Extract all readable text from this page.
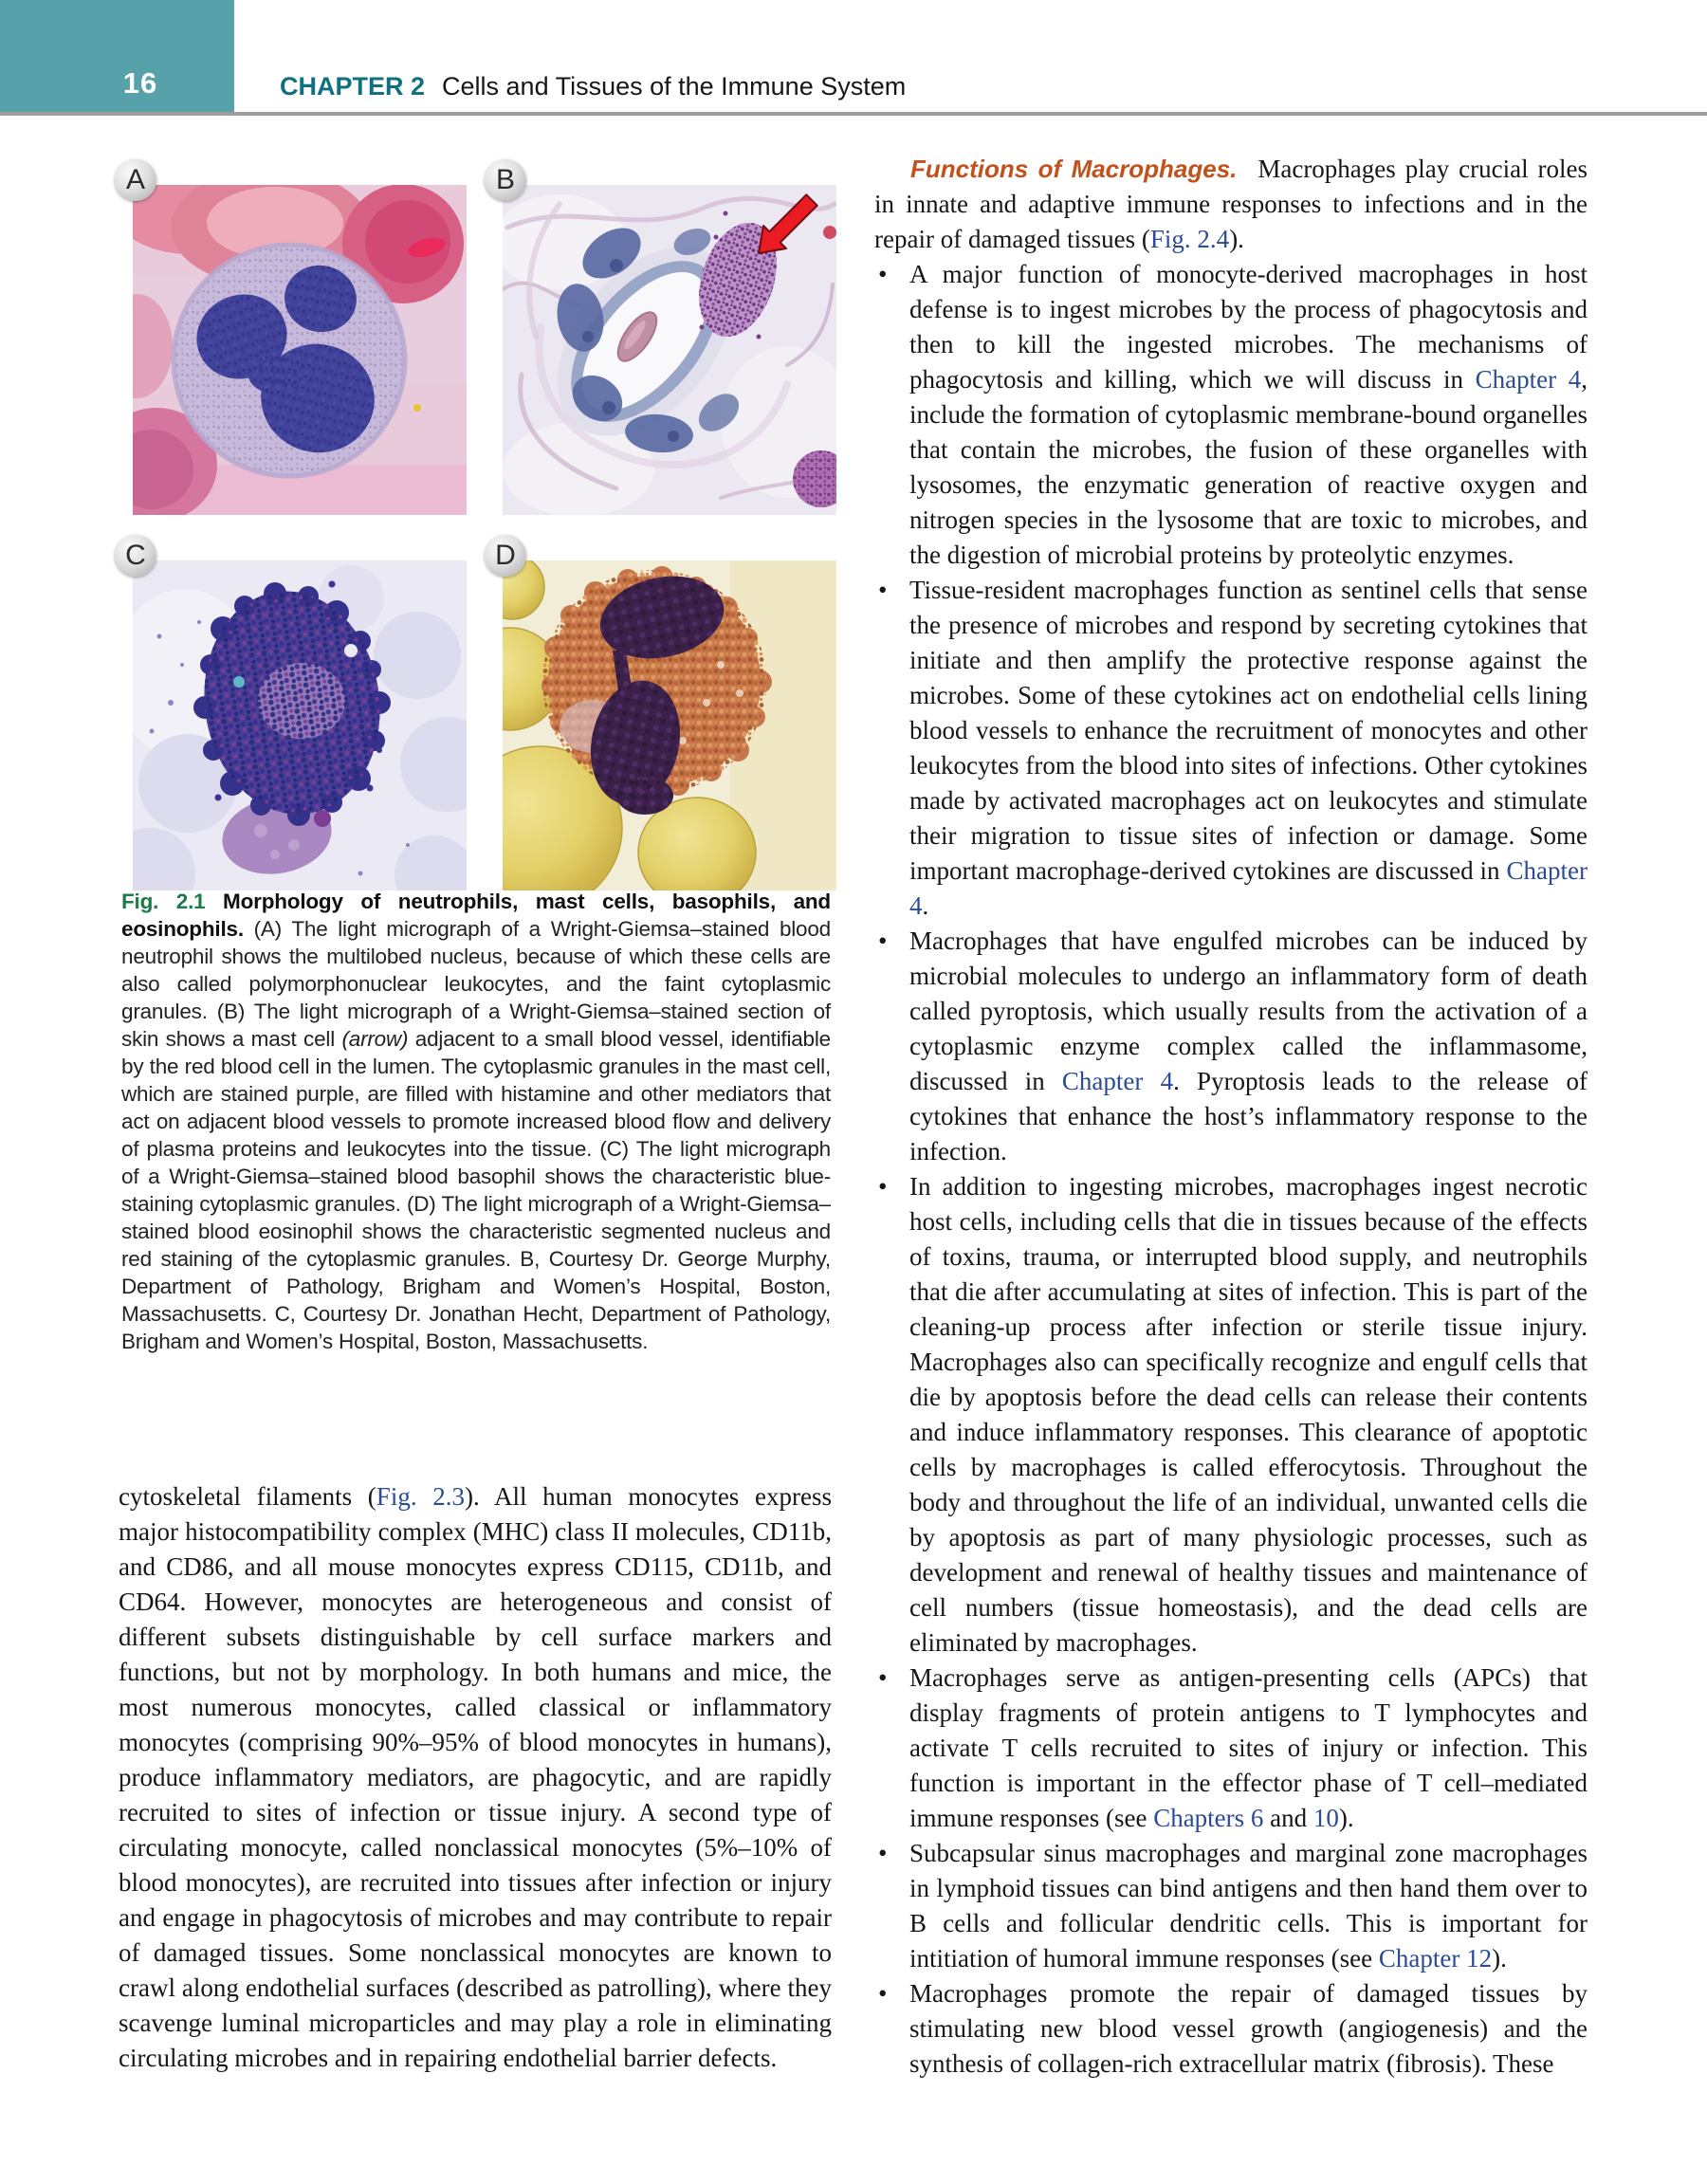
16	CHAPTER 2 Cells and Tissues of the Immune System
A	B
C	D

Fig. 2.1 Morphology of neutrophils, mast cells, basophils, and eosinophils. (A) The light micrograph of a Wright-Giemsa–stained blood neutrophil shows the multilobed nucleus, because of which these cells are also called polymorphonuclear leukocytes, and the faint cytoplasmic granules. (B) The light micrograph of a Wright-Giemsa–stained section of skin shows a mast cell (arrow) adjacent to a small blood vessel, identifiable by the red blood cell in the lumen. The cytoplasmic granules in the mast cell, which are stained purple, are filled with histamine and other mediators that act on adjacent blood vessels to promote increased blood flow and delivery of plasma proteins and leukocytes into the tissue. (C) The light micrograph of a Wright-Giemsa–stained blood basophil shows the characteristic blue-staining cytoplasmic granules. (D) The light micrograph of a Wright-Giemsa–stained blood eosinophil shows the characteristic segmented nucleus and red staining of the cytoplasmic granules. B, Courtesy Dr. George Murphy, Department of Pathology, Brigham and Women’s Hospital, Boston, Massachusetts. C, Courtesy Dr. Jonathan Hecht, Department of Pathology, Brigham and Women’s Hospital, Boston, Massachusetts.

cytoskeletal filaments (Fig. 2.3). All human monocytes express major histocompatibility complex (MHC) class II molecules, CD11b, and CD86, and all mouse monocytes express CD115, CD11b, and CD64. However, monocytes are heterogeneous and consist of different subsets distinguishable by cell surface markers and functions, but not by morphology. In both humans and mice, the most numerous monocytes, called classical or inflammatory monocytes (comprising 90%–95% of blood monocytes in humans), produce inflammatory mediators, are phagocytic, and are rapidly recruited to sites of infection or tissue injury. A second type of circulating monocyte, called nonclassical monocytes (5%–10% of blood monocytes), are recruited into tissues after infection or injury and engage in phagocytosis of microbes and may contribute to repair of damaged tissues. Some nonclassical monocytes are known to crawl along endothelial surfaces (described as patrolling), where they scavenge luminal microparticles and may play a role in eliminating circulating microbes and in repairing endothelial barrier defects.

Functions of Macrophages. Macrophages play crucial roles in innate and adaptive immune responses to infections and in the repair of damaged tissues (Fig. 2.4).

• A major function of monocyte-derived macrophages in host defense is to ingest microbes by the process of phagocytosis and then to kill the ingested microbes. The mechanisms of phagocytosis and killing, which we will discuss in Chapter 4, include the formation of cytoplasmic membrane-bound organelles that contain the microbes, the fusion of these organelles with lysosomes, the enzymatic generation of reactive oxygen and nitrogen species in the lysosome that are toxic to microbes, and the digestion of microbial proteins by proteolytic enzymes.
• Tissue-resident macrophages function as sentinel cells that sense the presence of microbes and respond by secreting cytokines that initiate and then amplify the protective response against the microbes. Some of these cytokines act on endothelial cells lining blood vessels to enhance the recruitment of monocytes and other leukocytes from the blood into sites of infections. Other cytokines made by activated macrophages act on leukocytes and stimulate their migration to tissue sites of infection or damage. Some important macrophage-derived cytokines are discussed in Chapter 4.
• Macrophages that have engulfed microbes can be induced by microbial molecules to undergo an inflammatory form of death called pyroptosis, which usually results from the activation of a cytoplasmic enzyme complex called the inflammasome, discussed in Chapter 4. Pyroptosis leads to the release of cytokines that enhance the host’s inflammatory response to the infection.
• In addition to ingesting microbes, macrophages ingest necrotic host cells, including cells that die in tissues because of the effects of toxins, trauma, or interrupted blood supply, and neutrophils that die after accumulating at sites of infection. This is part of the cleaning-up process after infection or sterile tissue injury. Macrophages also can specifically recognize and engulf cells that die by apoptosis before the dead cells can release their contents and induce inflammatory responses. This clearance of apoptotic cells by macrophages is called efferocytosis. Throughout the body and throughout the life of an individual, unwanted cells die by apoptosis as part of many physiologic processes, such as development and renewal of healthy tissues and maintenance of cell numbers (tissue homeostasis), and the dead cells are eliminated by macrophages.
• Macrophages serve as antigen-presenting cells (APCs) that display fragments of protein antigens to T lymphocytes and activate T cells recruited to sites of injury or infection. This function is important in the effector phase of T cell–mediated immune responses (see Chapters 6 and 10).
• Subcapsular sinus macrophages and marginal zone macrophages in lymphoid tissues can bind antigens and then hand them over to B cells and follicular dendritic cells. This is important for intitiation of humoral immune responses (see Chapter 12).
• Macrophages promote the repair of damaged tissues by stimulating new blood vessel growth (angiogenesis) and the synthesis of collagen-rich extracellular matrix (fibrosis). These
